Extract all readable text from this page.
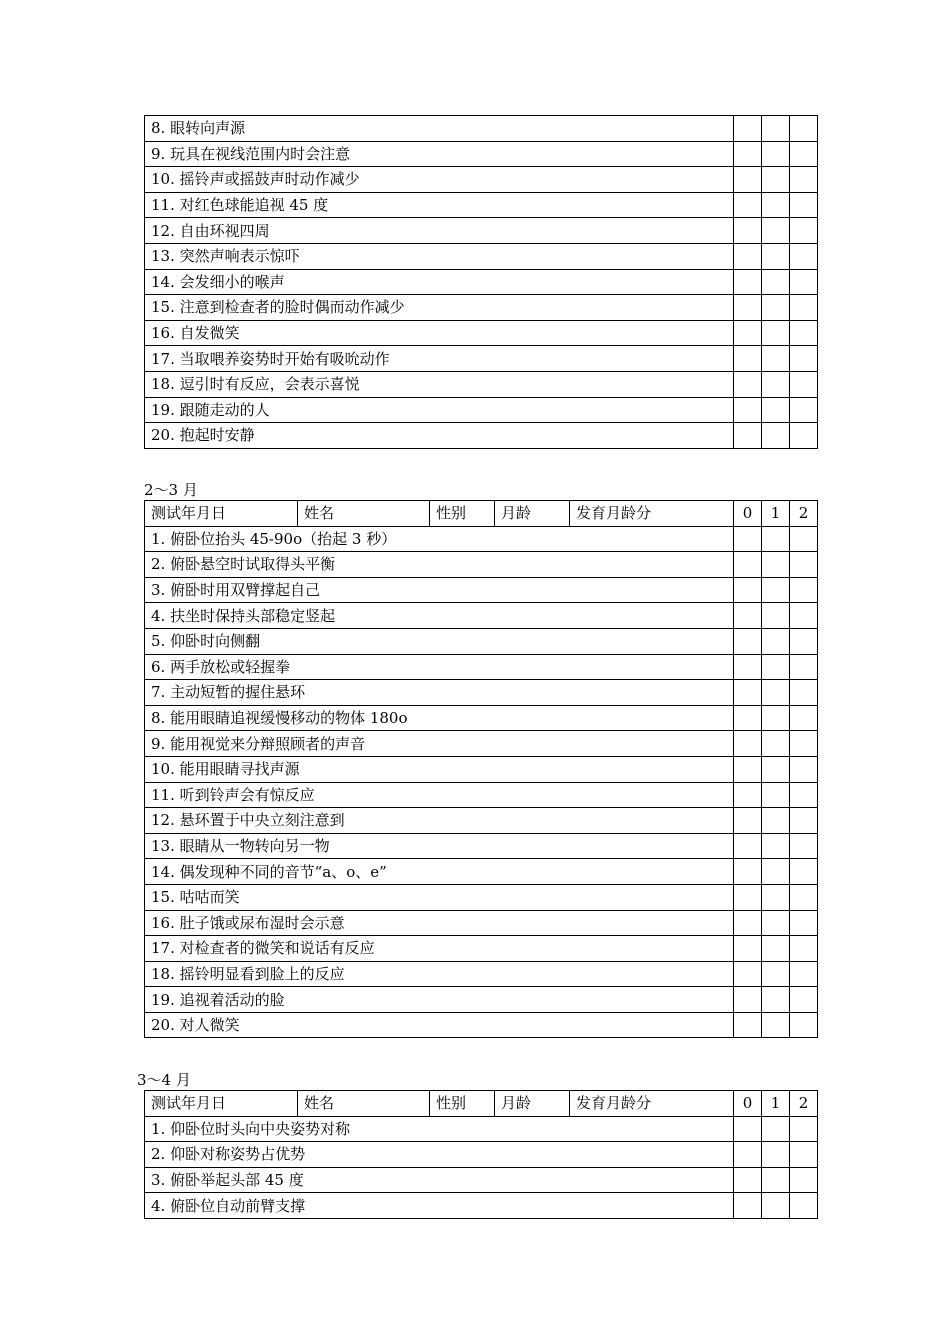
8. 眼转向声源			
9. 玩具在视线范围内时会注意			
10. 摇铃声或摇鼓声时动作减少			
11. 对红色球能追视 45 度			
12. 自由环视四周			
13. 突然声响表示惊吓			
14. 会发细小的喉声			
15. 注意到检查者的脸时偶而动作减少			
16. 自发微笑			
17. 当取喂养姿势时开始有吸吮动作			
18. 逗引时有反应，会表示喜悦			
19. 跟随走动的人			
20. 抱起时安静			
2～3 月
测试年月日	姓名	性别	月龄	发育月龄分	0	1	2
1. 俯卧位抬头 45-90o（抬起 3 秒）							
2. 俯卧悬空时试取得头平衡							
3. 俯卧时用双臂撑起自己							
4. 扶坐时保持头部稳定竖起							
5. 仰卧时向侧翻							
6. 两手放松或轻握拳							
7. 主动短暂的握住悬环							
8. 能用眼睛追视缓慢移动的物体 180o							
9. 能用视觉来分辩照顾者的声音							
10. 能用眼睛寻找声源							
11. 听到铃声会有惊反应							
12. 悬环置于中央立刻注意到							
13. 眼睛从一物转向另一物							
14. 偶发现种不同的音节“a、o、e”							
15. 咕咕而笑							
16. 肚子饿或尿布湿时会示意							
17. 对检查者的微笑和说话有反应							
18. 摇铃明显看到脸上的反应							
19. 追视着活动的脸							
20. 对人微笑							
3～4 月
测试年月日	姓名	性别	月龄	发育月龄分	0	1	2
1. 仰卧位时头向中央姿势对称							
2. 仰卧对称姿势占优势							
3. 俯卧举起头部 45 度							
4. 俯卧位自动前臂支撑							
